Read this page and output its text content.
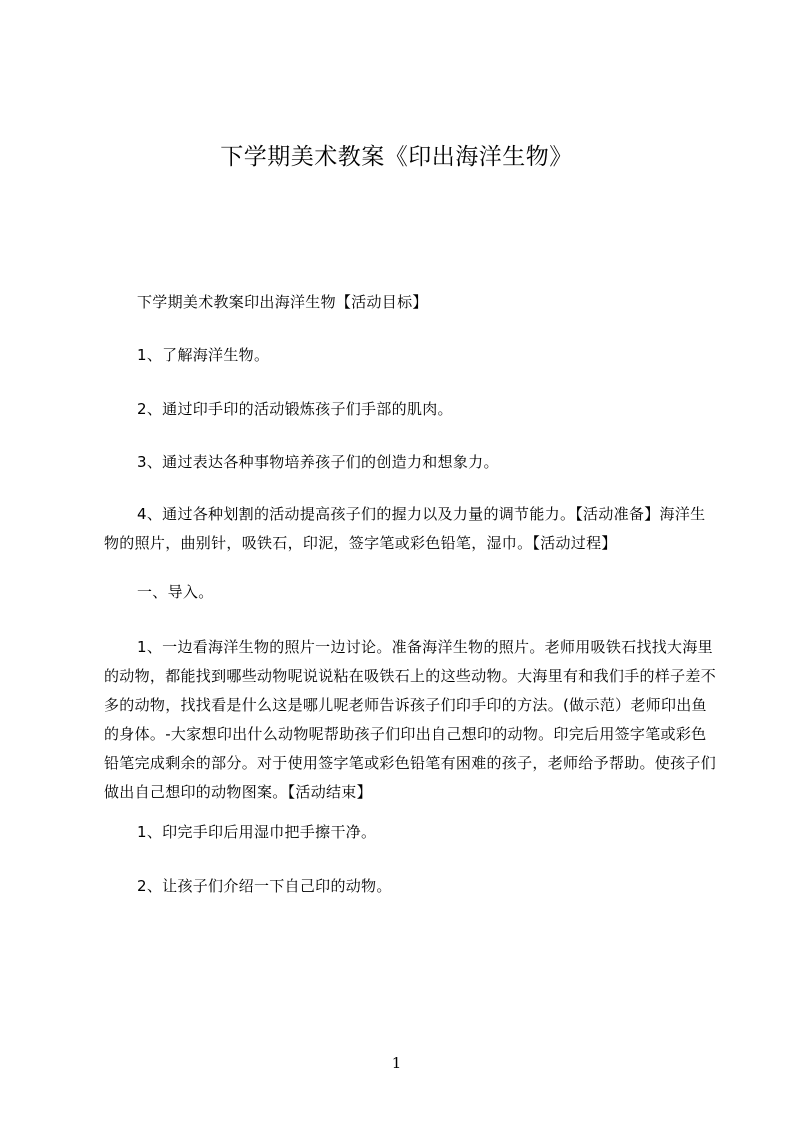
下学期美术教案《印出海洋生物》
下学期美术教案印出海洋生物【活动目标】
1、了解海洋生物。
2、通过印手印的活动锻炼孩子们手部的肌肉。
3、通过表达各种事物培养孩子们的创造力和想象力。
4、通过各种划割的活动提高孩子们的握力以及力量的调节能力。【活动准备】海洋生物的照片，曲别针，吸铁石，印泥，签字笔或彩色铅笔，湿巾。【活动过程】
一、导入。
1、一边看海洋生物的照片一边讨论。准备海洋生物的照片。老师用吸铁石找找大海里的动物，都能找到哪些动物呢说说粘在吸铁石上的这些动物。大海里有和我们手的样子差不多的动物，找找看是什么这是哪儿呢老师告诉孩子们印手印的方法。(做示范）老师印出鱼的身体。-大家想印出什么动物呢帮助孩子们印出自己想印的动物。印完后用签字笔或彩色铅笔完成剩余的部分。对于使用签字笔或彩色铅笔有困难的孩子，老师给予帮助。使孩子们做出自己想印的动物图案。【活动结束】
1、印完手印后用湿巾把手擦干净。
2、让孩子们介绍一下自己印的动物。
1
